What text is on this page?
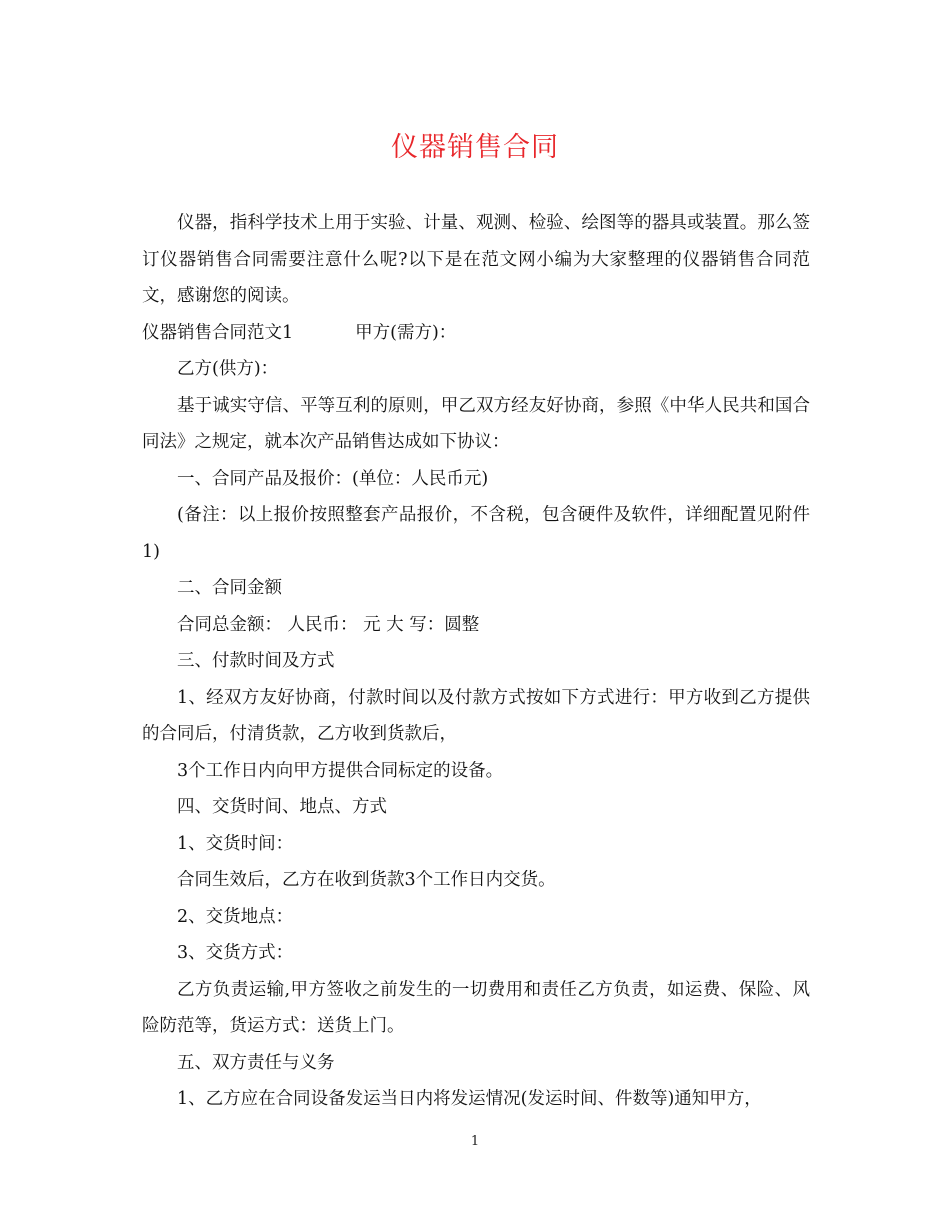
仪器销售合同

仪器，指科学技术上用于实验、计量、观测、检验、绘图等的器具或装置。那么签订仪器销售合同需要注意什么呢?以下是在范文网小编为大家整理的仪器销售合同范文，感谢您的阅读。

仪器销售合同范文1	甲方(需方)：

乙方(供方)：

基于诚实守信、平等互利的原则，甲乙双方经友好协商，参照《中华人民共和国合同法》之规定，就本次产品销售达成如下协议：

一、合同产品及报价：(单位：人民币元)

(备注：以上报价按照整套产品报价，不含税，包含硬件及软件，详细配置见附件1)

二、合同金额

合同总金额： 人民币： 元 大 写：圆整

三、付款时间及方式

1、经双方友好协商，付款时间以及付款方式按如下方式进行：甲方收到乙方提供的合同后，付清货款，乙方收到货款后，

3个工作日内向甲方提供合同标定的设备。

四、交货时间、地点、方式

1、交货时间：

合同生效后，乙方在收到货款3个工作日内交货。

2、交货地点：

3、交货方式：

乙方负责运输,甲方签收之前发生的一切费用和责任乙方负责，如运费、保险、风险防范等，货运方式：送货上门。

五、双方责任与义务

1、乙方应在合同设备发运当日内将发运情况(发运时间、件数等)通知甲方，

1
